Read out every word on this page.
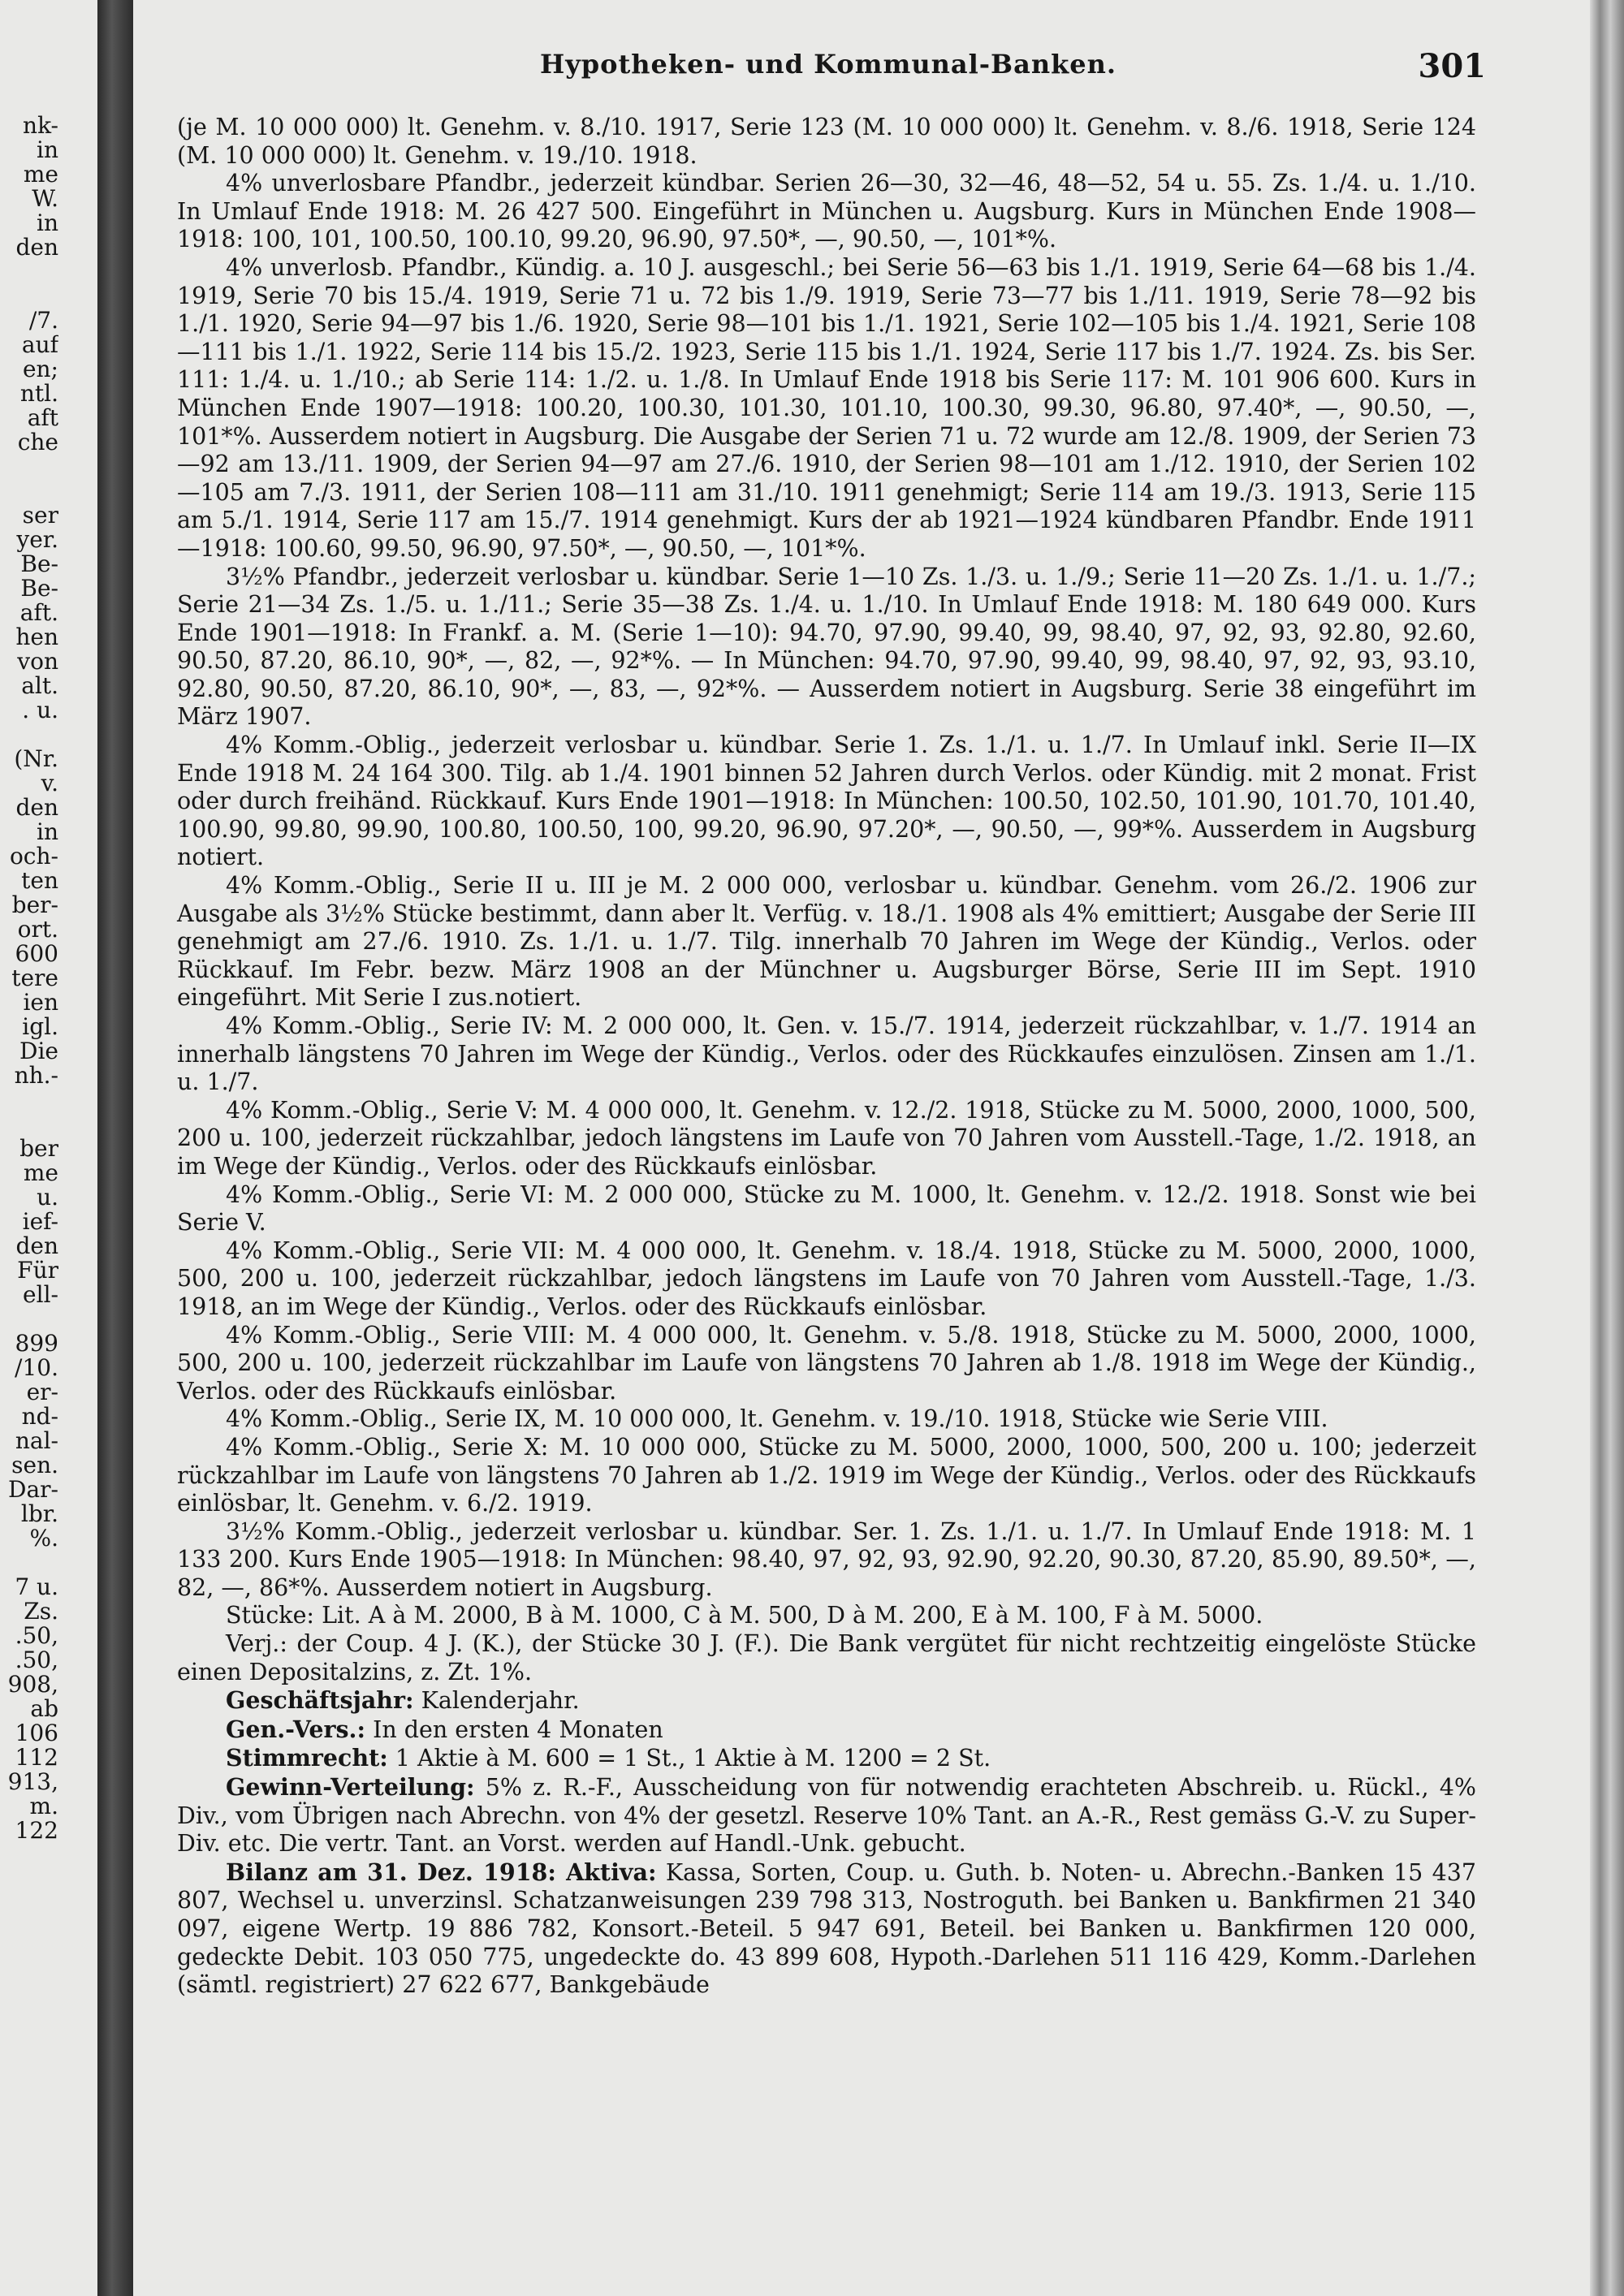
nk-
in
me
W.
in
den
/7.
auf
en;
ntl.
aft
che
ser
yer.
Be-
Be-
aft.
hen
von
alt.
. u.
(Nr.
v.
den
in
och-
ten
ber-
ort.
600
tere
ien
igl.
Die
nh.-
ber
me
u.
ief-
den
Für
ell-
899
/10.
er-
nd-
nal-
sen.
Dar-
lbr.
%.
7 u.
Zs.
.50,
.50,
908,
ab
106
112
913,
m.
122
Hypotheken- und Kommunal-Banken.	301

(je M. 10 000 000) lt. Genehm. v. 8./10. 1917, Serie 123 (M. 10 000 000) lt. Genehm. v. 8./6. 1918, Serie 124 (M. 10 000 000) lt. Genehm. v. 19./10. 1918.

4% unverlosbare Pfandbr., jederzeit kündbar. Serien 26—30, 32—46, 48—52, 54 u. 55. Zs. 1./4. u. 1./10. In Umlauf Ende 1918: M. 26 427 500. Eingeführt in München u. Augsburg. Kurs in München Ende 1908—1918: 100, 101, 100.50, 100.10, 99.20, 96.90, 97.50*, —, 90.50, —, 101*%.

4% unverlosb. Pfandbr., Kündig. a. 10 J. ausgeschl.; bei Serie 56—63 bis 1./1. 1919, Serie 64—68 bis 1./4. 1919, Serie 70 bis 15./4. 1919, Serie 71 u. 72 bis 1./9. 1919, Serie 73—77 bis 1./11. 1919, Serie 78—92 bis 1./1. 1920, Serie 94—97 bis 1./6. 1920, Serie 98—101 bis 1./1. 1921, Serie 102—105 bis 1./4. 1921, Serie 108—111 bis 1./1. 1922, Serie 114 bis 15./2. 1923, Serie 115 bis 1./1. 1924, Serie 117 bis 1./7. 1924. Zs. bis Ser. 111: 1./4. u. 1./10.; ab Serie 114: 1./2. u. 1./8. In Umlauf Ende 1918 bis Serie 117: M. 101 906 600. Kurs in München Ende 1907—1918: 100.20, 100.30, 101.30, 101.10, 100.30, 99.30, 96.80, 97.40*, —, 90.50, —, 101*%. Ausserdem notiert in Augsburg. Die Ausgabe der Serien 71 u. 72 wurde am 12./8. 1909, der Serien 73—92 am 13./11. 1909, der Serien 94—97 am 27./6. 1910, der Serien 98—101 am 1./12. 1910, der Serien 102—105 am 7./3. 1911, der Serien 108—111 am 31./10. 1911 genehmigt; Serie 114 am 19./3. 1913, Serie 115 am 5./1. 1914, Serie 117 am 15./7. 1914 genehmigt. Kurs der ab 1921—1924 kündbaren Pfandbr. Ende 1911—1918: 100.60, 99.50, 96.90, 97.50*, —, 90.50, —, 101*%.

3½% Pfandbr., jederzeit verlosbar u. kündbar. Serie 1—10 Zs. 1./3. u. 1./9.; Serie 11—20 Zs. 1./1. u. 1./7.; Serie 21—34 Zs. 1./5. u. 1./11.; Serie 35—38 Zs. 1./4. u. 1./10. In Umlauf Ende 1918: M. 180 649 000. Kurs Ende 1901—1918: In Frankf. a. M. (Serie 1—10): 94.70, 97.90, 99.40, 99, 98.40, 97, 92, 93, 92.80, 92.60, 90.50, 87.20, 86.10, 90*, —, 82, —, 92*%. — In München: 94.70, 97.90, 99.40, 99, 98.40, 97, 92, 93, 93.10, 92.80, 90.50, 87.20, 86.10, 90*, —, 83, —, 92*%. — Ausserdem notiert in Augsburg. Serie 38 eingeführt im März 1907.

4% Komm.-Oblig., jederzeit verlosbar u. kündbar. Serie 1. Zs. 1./1. u. 1./7. In Umlauf inkl. Serie II—IX Ende 1918 M. 24 164 300. Tilg. ab 1./4. 1901 binnen 52 Jahren durch Verlos. oder Kündig. mit 2 monat. Frist oder durch freihänd. Rückkauf. Kurs Ende 1901—1918: In München: 100.50, 102.50, 101.90, 101.70, 101.40, 100.90, 99.80, 99.90, 100.80, 100.50, 100, 99.20, 96.90, 97.20*, —, 90.50, —, 99*%. Ausserdem in Augsburg notiert.

4% Komm.-Oblig., Serie II u. III je M. 2 000 000, verlosbar u. kündbar. Genehm. vom 26./2. 1906 zur Ausgabe als 3½% Stücke bestimmt, dann aber lt. Verfüg. v. 18./1. 1908 als 4% emittiert; Ausgabe der Serie III genehmigt am 27./6. 1910. Zs. 1./1. u. 1./7. Tilg. innerhalb 70 Jahren im Wege der Kündig., Verlos. oder Rückkauf. Im Febr. bezw. März 1908 an der Münchner u. Augsburger Börse, Serie III im Sept. 1910 eingeführt. Mit Serie I zus.notiert.

4% Komm.-Oblig., Serie IV: M. 2 000 000, lt. Gen. v. 15./7. 1914, jederzeit rückzahlbar, v. 1./7. 1914 an innerhalb längstens 70 Jahren im Wege der Kündig., Verlos. oder des Rückkaufes einzulösen. Zinsen am 1./1. u. 1./7.

4% Komm.-Oblig., Serie V: M. 4 000 000, lt. Genehm. v. 12./2. 1918, Stücke zu M. 5000, 2000, 1000, 500, 200 u. 100, jederzeit rückzahlbar, jedoch längstens im Laufe von 70 Jahren vom Ausstell.-Tage, 1./2. 1918, an im Wege der Kündig., Verlos. oder des Rückkaufs einlösbar.

4% Komm.-Oblig., Serie VI: M. 2 000 000, Stücke zu M. 1000, lt. Genehm. v. 12./2. 1918. Sonst wie bei Serie V.

4% Komm.-Oblig., Serie VII: M. 4 000 000, lt. Genehm. v. 18./4. 1918, Stücke zu M. 5000, 2000, 1000, 500, 200 u. 100, jederzeit rückzahlbar, jedoch längstens im Laufe von 70 Jahren vom Ausstell.-Tage, 1./3. 1918, an im Wege der Kündig., Verlos. oder des Rückkaufs einlösbar.

4% Komm.-Oblig., Serie VIII: M. 4 000 000, lt. Genehm. v. 5./8. 1918, Stücke zu M. 5000, 2000, 1000, 500, 200 u. 100, jederzeit rückzahlbar im Laufe von längstens 70 Jahren ab 1./8. 1918 im Wege der Kündig., Verlos. oder des Rückkaufs einlösbar.

4% Komm.-Oblig., Serie IX, M. 10 000 000, lt. Genehm. v. 19./10. 1918, Stücke wie Serie VIII.

4% Komm.-Oblig., Serie X: M. 10 000 000, Stücke zu M. 5000, 2000, 1000, 500, 200 u. 100; jederzeit rückzahlbar im Laufe von längstens 70 Jahren ab 1./2. 1919 im Wege der Kündig., Verlos. oder des Rückkaufs einlösbar, lt. Genehm. v. 6./2. 1919.

3½% Komm.-Oblig., jederzeit verlosbar u. kündbar. Ser. 1. Zs. 1./1. u. 1./7. In Umlauf Ende 1918: M. 1 133 200. Kurs Ende 1905—1918: In München: 98.40, 97, 92, 93, 92.90, 92.20, 90.30, 87.20, 85.90, 89.50*, —, 82, —, 86*%. Ausserdem notiert in Augsburg.

Stücke: Lit. A à M. 2000, B à M. 1000, C à M. 500, D à M. 200, E à M. 100, F à M. 5000.

Verj.: der Coup. 4 J. (K.), der Stücke 30 J. (F.). Die Bank vergütet für nicht rechtzeitig eingelöste Stücke einen Depositalzins, z. Zt. 1%.

Geschäftsjahr: Kalenderjahr.

Gen.-Vers.: In den ersten 4 Monaten

Stimmrecht: 1 Aktie à M. 600 = 1 St., 1 Aktie à M. 1200 = 2 St.

Gewinn-Verteilung: 5% z. R.-F., Ausscheidung von für notwendig erachteten Abschreib. u. Rückl., 4% Div., vom Übrigen nach Abrechn. von 4% der gesetzl. Reserve 10% Tant. an A.-R., Rest gemäss G.-V. zu Super-Div. etc. Die vertr. Tant. an Vorst. werden auf Handl.-Unk. gebucht.

Bilanz am 31. Dez. 1918: Aktiva: Kassa, Sorten, Coup. u. Guth. b. Noten- u. Abrechn.-Banken 15 437 807, Wechsel u. unverzinsl. Schatzanweisungen 239 798 313, Nostroguth. bei Banken u. Bankfirmen 21 340 097, eigene Wertp. 19 886 782, Konsort.-Beteil. 5 947 691, Beteil. bei Banken u. Bankfirmen 120 000, gedeckte Debit. 103 050 775, ungedeckte do. 43 899 608, Hypoth.-Darlehen 511 116 429, Komm.-Darlehen (sämtl. registriert) 27 622 677, Bankgebäude
